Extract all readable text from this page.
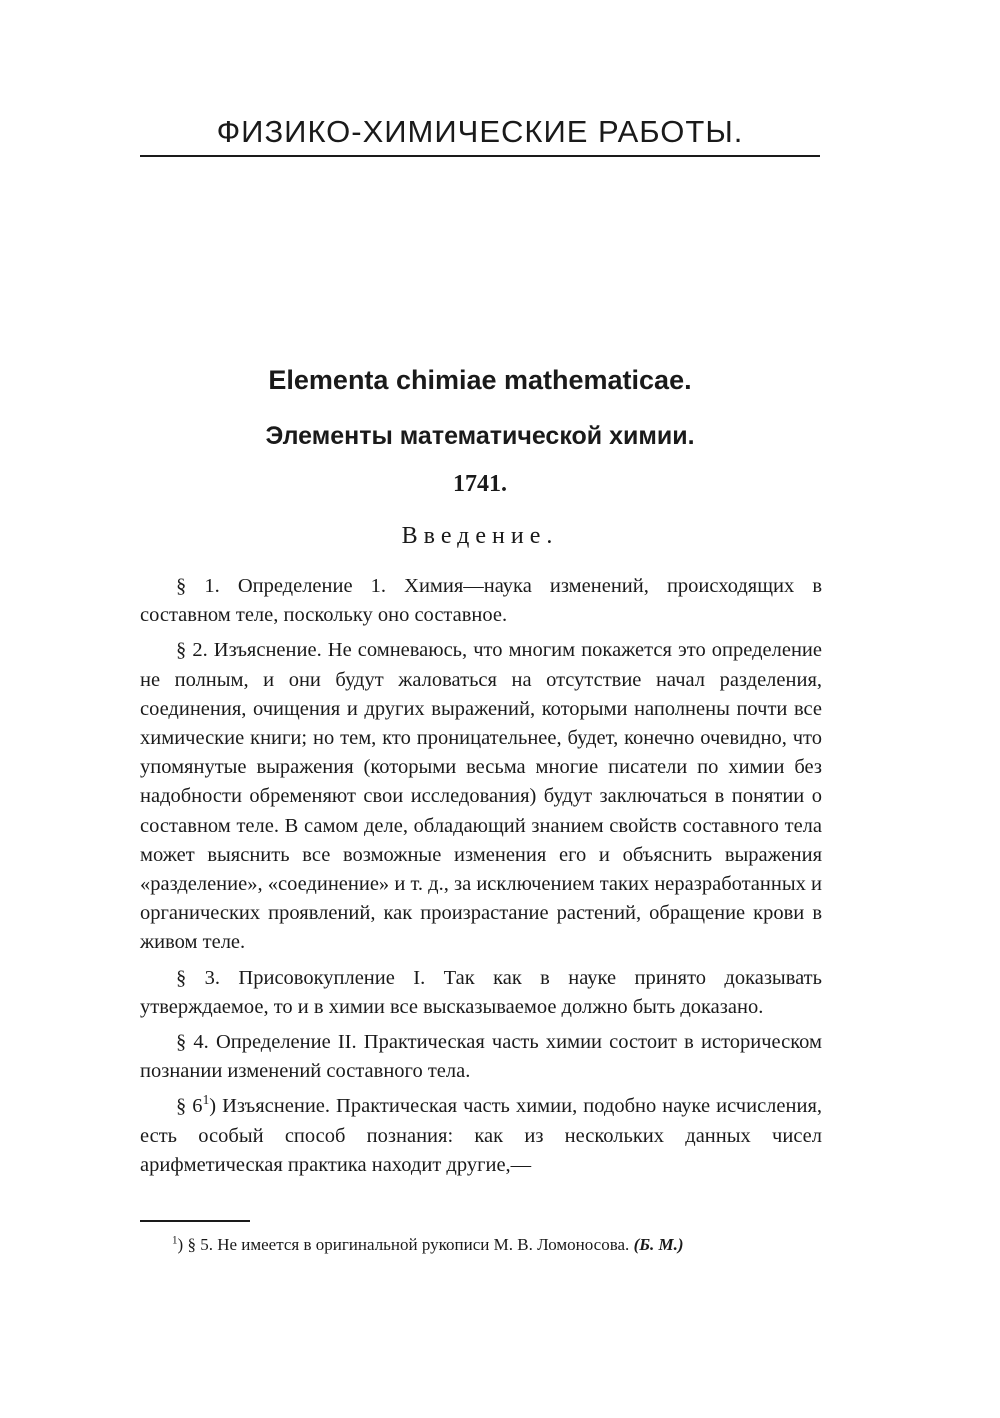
ФИЗИКО-ХИМИЧЕСКИЕ РАБОТЫ.
Elementa chimiae mathematicae.
Элементы математической химии.
1741.
Введение.

§ 1. Определение 1. Химия—наука изменений, происходящих в составном теле, поскольку оно составное.

§ 2. Изъяснение. Не сомневаюсь, что многим покажется это определение не полным, и они будут жаловаться на отсутствие начал разделения, соединения, очищения и других выражений, которыми наполнены почти все химические книги; но тем, кто проницательнее, будет, конечно очевидно, что упомянутые выражения (которыми весьма многие писатели по химии без надобности обременяют свои исследования) будут заключаться в понятии о составном теле. В самом деле, обладающий знанием свойств составного тела может выяснить все возможные изменения его и объяснить выражения «разделение», «соединение» и т. д., за исключением таких неразработанных и органических проявлений, как произрастание растений, обращение крови в живом теле.

§ 3. Присовокупление I. Так как в науке принято доказывать утверждаемое, то и в химии все высказываемое должно быть доказано.

§ 4. Определение II. Практическая часть химии состоит в историческом познании изменений составного тела.

§ $6^1$) Изъяснение. Практическая часть химии, подобно науке исчисления, есть особый способ познания: как из нескольких данных чисел арифметическая практика находит другие,—

$^1$) § 5. Не имеется в оригинальной рукописи М. В. Ломоносова. (Б. М.)
